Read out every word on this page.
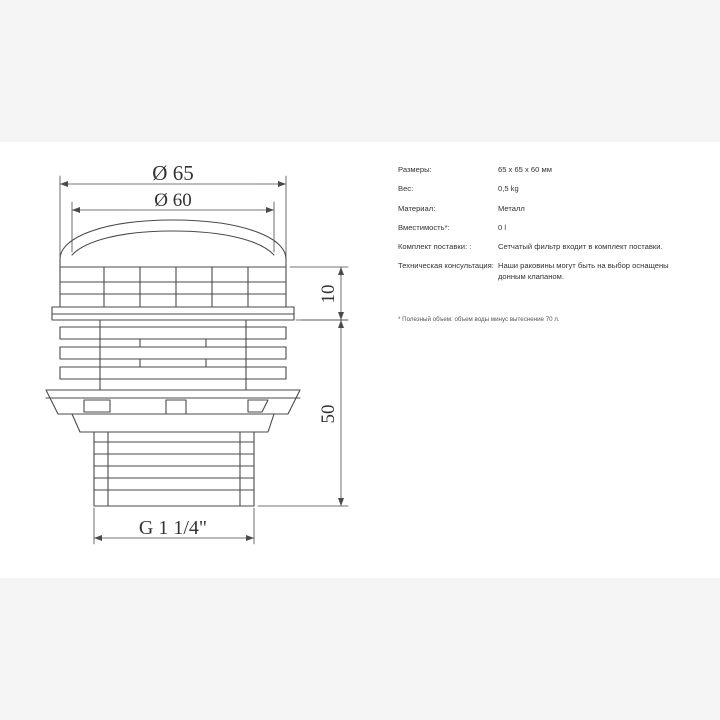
Ø 65
Ø 60
10
50
G 1 1/4"
Размеры:	65 x 65 x 60 мм
Вес:	0,5 kg
Материал:	Металл
Вместимость*:	0 l
Комплект поставки: :	Сетчатый фильтр входит в комплект поставки.
Техническая консультация: Наши раковины могут быть на выбор оснащены донным клапаном.
* Полезный объем: объем воды минус вытеснение 70 л.
